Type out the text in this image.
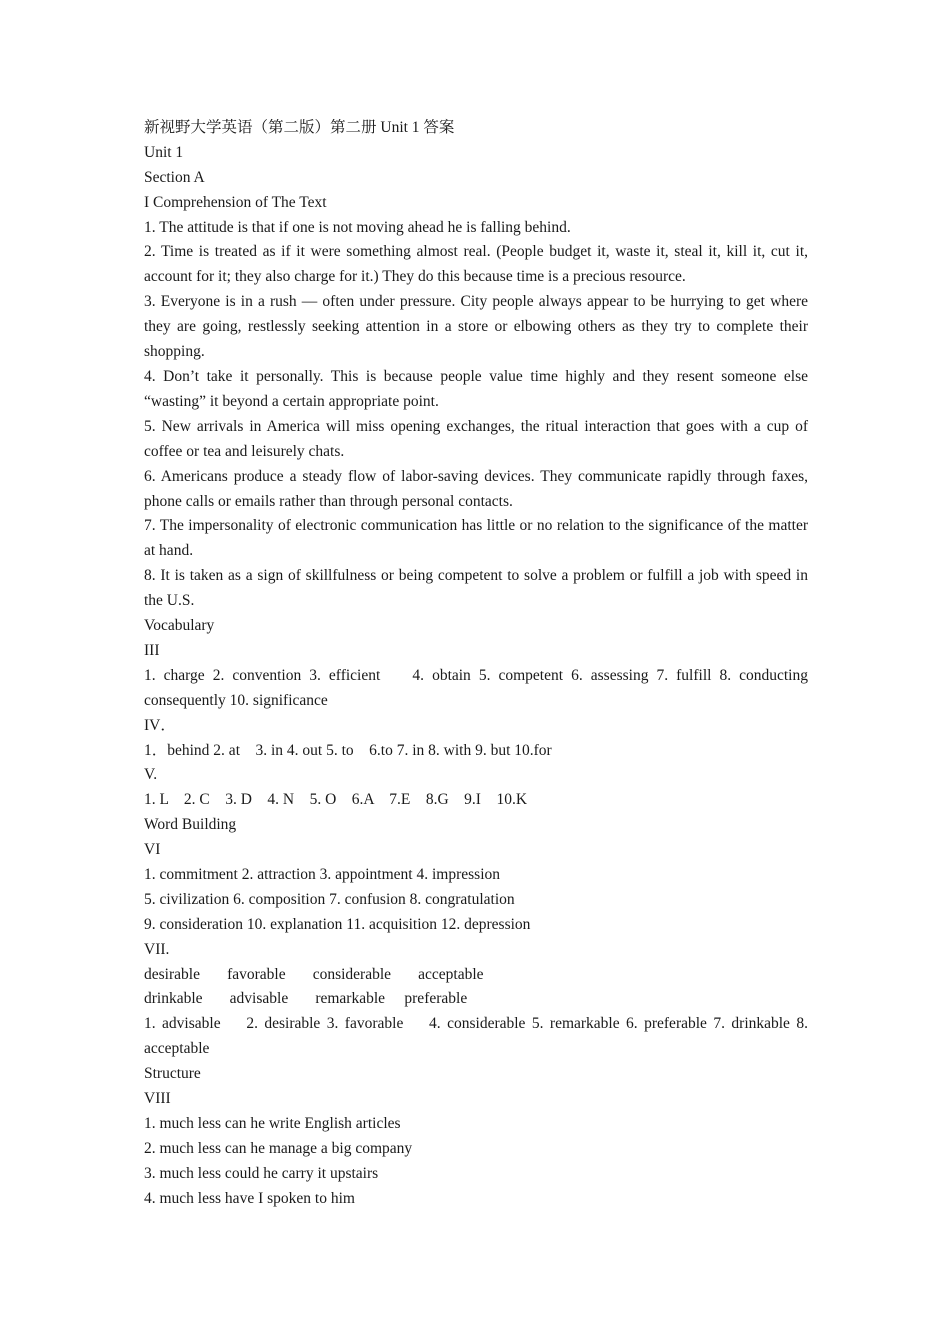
新视野大学英语（第二版）第二册 Unit 1 答案
Unit 1
Section A
I Comprehension of The Text
1. The attitude is that if one is not moving ahead he is falling behind.
2. Time is treated as if it were something almost real. (People budget it, waste it, steal it, kill it, cut it, account for it; they also charge for it.) They do this because time is a precious resource.
3. Everyone is in a rush — often under pressure. City people always appear to be hurrying to get where they are going, restlessly seeking attention in a store or elbowing others as they try to complete their shopping.
4. Don’t take it personally. This is because people value time highly and they resent someone else “wasting” it beyond a certain appropriate point.
5. New arrivals in America will miss opening exchanges, the ritual interaction that goes with a cup of coffee or tea and leisurely chats.
6. Americans produce a steady flow of labor-saving devices. They communicate rapidly through faxes, phone calls or emails rather than through personal contacts.
7. The impersonality of electronic communication has little or no relation to the significance of the matter at hand.
8. It is taken as a sign of skillfulness or being competent to solve a problem or fulfill a job with speed in the U.S.
Vocabulary
III
1. charge 2. convention 3. efficient    4. obtain 5. competent 6. assessing 7. fulfill 8. conducting consequently 10. significance
IV．
1．behind 2. at    3. in 4. out 5. to    6.to 7. in 8. with 9. but 10.for
V.
1. L    2. C    3. D    4. N    5. O    6.A    7.E    8.G    9.I    10.K
Word Building
VI
1. commitment 2. attraction 3. appointment 4. impression
5. civilization 6. composition 7. confusion 8. congratulation
9. consideration 10. explanation 11. acquisition 12. depression
VII.
desirable       favorable       considerable       acceptable
drinkable       advisable       remarkable     preferable
1. advisable    2. desirable 3. favorable    4. considerable 5. remarkable 6. preferable 7. drinkable 8. acceptable
Structure
VIII
1. much less can he write English articles
2. much less can he manage a big company
3. much less could he carry it upstairs
4. much less have I spoken to him
